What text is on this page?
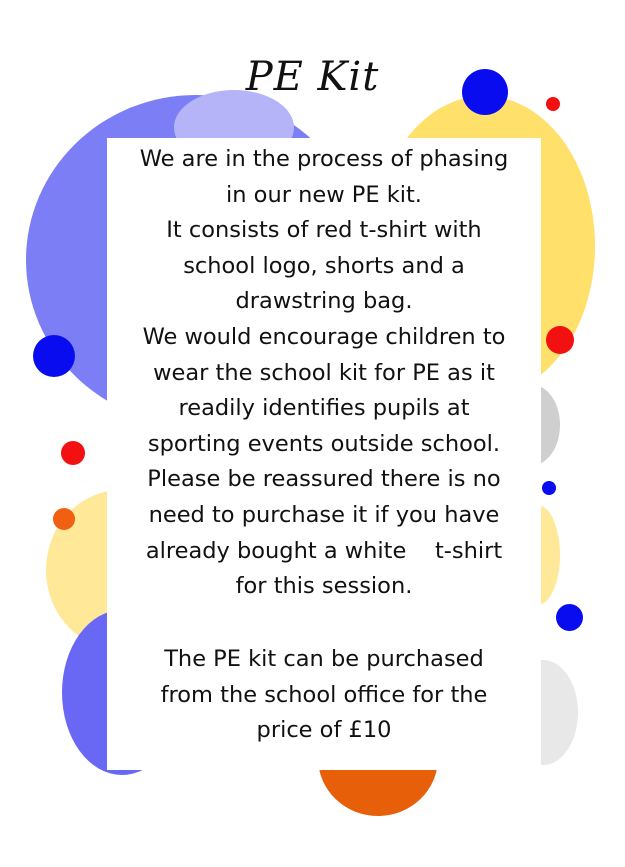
PE Kit
We are in the process of phasing
in our new PE kit.
It consists of red t-shirt with
school logo, shorts and a
drawstring bag.
We would encourage children to
wear the school kit for PE as it
readily identifies pupils at
sporting events outside school.
Please be reassured there is no
need to purchase it if you have
already bought a white    t-shirt
for this session.
The PE kit can be purchased
from the school office for the
price of £10
